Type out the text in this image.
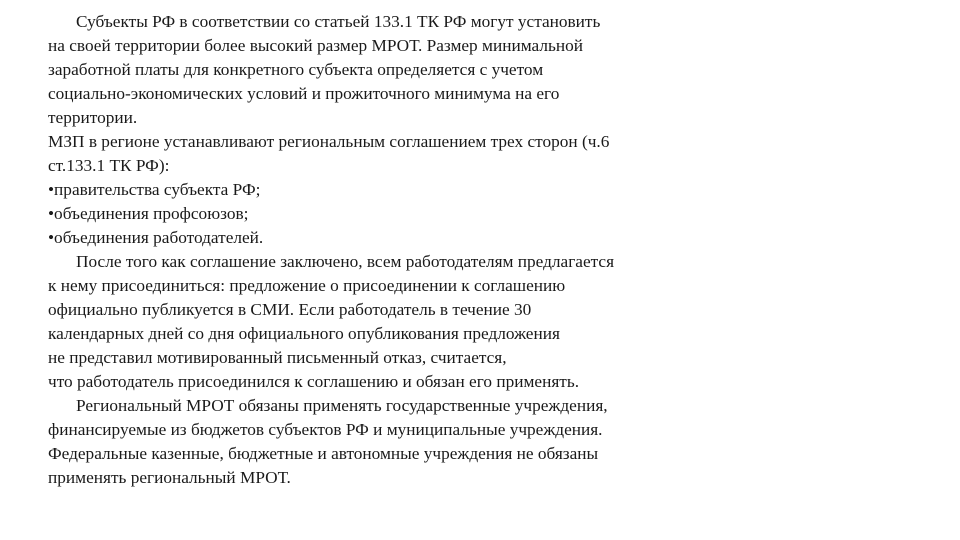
Субъекты РФ в соответствии со статьей 133.1 ТК РФ могут установить
на своей территории более высокий размер МРОТ. Размер минимальной
заработной платы для конкретного субъекта определяется с учетом
социально-экономических условий и прожиточного минимума на его
территории.
МЗП в регионе устанавливают региональным соглашением трех сторон (ч.6
ст.133.1 ТК РФ):
•правительства субъекта РФ;
•объединения профсоюзов;
•объединения работодателей.
После того как соглашение заключено, всем работодателям предлагается
к нему присоединиться: предложение о присоединении к соглашению
официально публикуется в СМИ. Если работодатель в течение 30
календарных дней со дня официального опубликования предложения
не представил мотивированный письменный отказ, считается,
что работодатель присоединился к соглашению и обязан его применять.
Региональный МРОТ обязаны применять государственные учреждения,
финансируемые из бюджетов субъектов РФ и муниципальные учреждения.
Федеральные казенные, бюджетные и автономные учреждения не обязаны
применять региональный МРОТ.
